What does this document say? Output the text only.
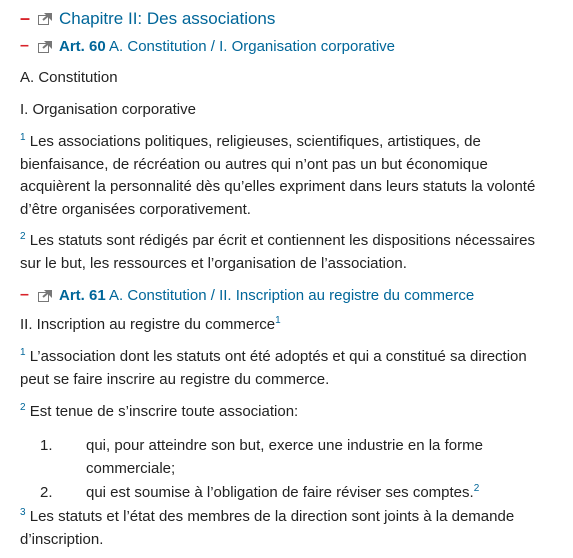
– Chapitre II: Des associations
–	Art. 60 A. Constitution / I. Organisation corporative

A. Constitution

I. Organisation corporative

$^1$ Les associations politiques, religieuses, scientifiques, artistiques, de bienfaisance, de récréation ou autres qui n’ont pas un but économique acquièrent la personnalité dès qu’elles expriment dans leurs statuts la volonté d’être organisées corporativement.

$^2$ Les statuts sont rédigés par écrit et contiennent les dispositions nécessaires sur le but, les ressources et l’organisation de l’association.

–	Art. 61 A. Constitution / II. Inscription au registre du commerce

II. Inscription au registre du commerce$^1$

$^1$ L’association dont les statuts ont été adoptés et qui a constitué sa direction peut se faire inscrire au registre du commerce.

$^2$ Est tenue de s’inscrire toute association:

1.	qui, pour atteindre son but, exerce une industrie en la forme commerciale;
2.	qui est soumise à l’obligation de faire réviser ses comptes.$^2$

$^3$ Les statuts et l’état des membres de la direction sont joints à la demande d’inscription.
